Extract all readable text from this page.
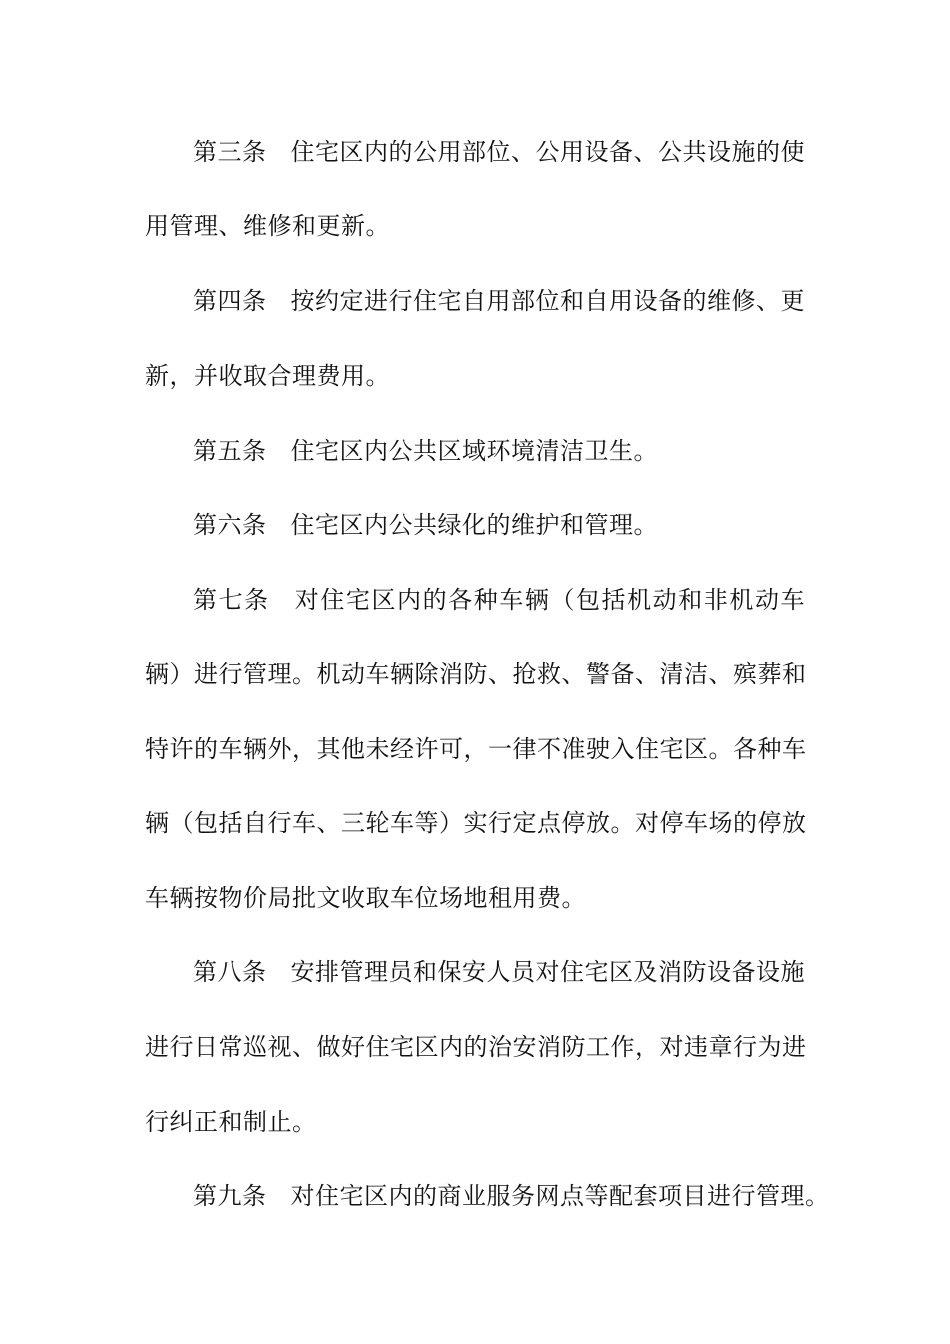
第三条 住宅区内的公用部位、公用设备、公共设施的使
用管理、维修和更新。
第四条 按约定进行住宅自用部位和自用设备的维修、更
新，并收取合理费用。
第五条 住宅区内公共区域环境清洁卫生。
第六条 住宅区内公共绿化的维护和管理。
第七条 对住宅区内的各种车辆（包括机动和非机动车
辆）进行管理。机动车辆除消防、抢救、警备、清洁、殡葬和
特许的车辆外，其他未经许可，一律不准驶入住宅区。各种车
辆（包括自行车、三轮车等）实行定点停放。对停车场的停放
车辆按物价局批文收取车位场地租用费。
第八条 安排管理员和保安人员对住宅区及消防设备设施
进行日常巡视、做好住宅区内的治安消防工作，对违章行为进
行纠正和制止。
第九条 对住宅区内的商业服务网点等配套项目进行管理。
